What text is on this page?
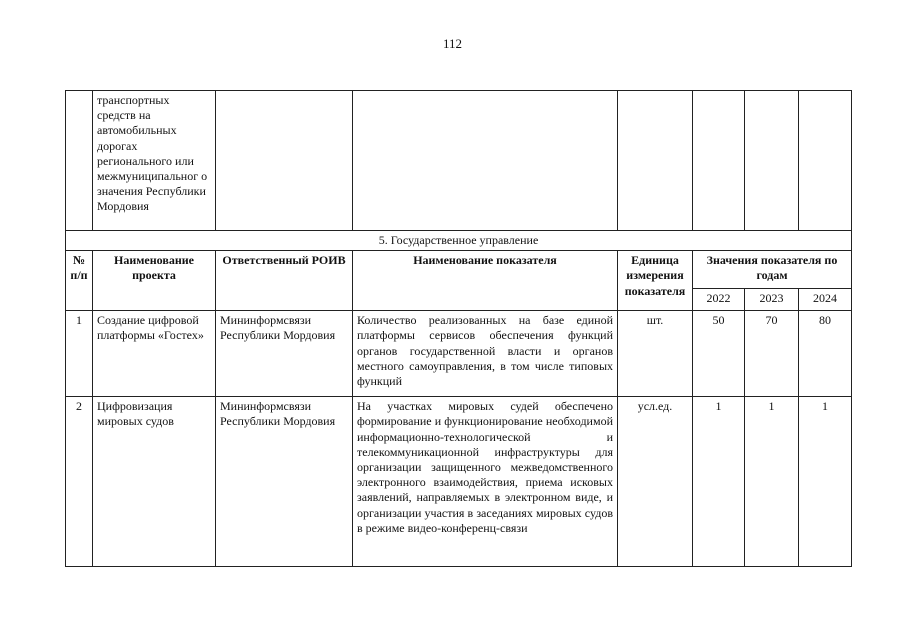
112
	транспортных средств на автомобильных дорогах регионального или межмуниципальног о значения Республики Мордовия						
5. Государственное управление							
№ п/п	Наименование проекта	Ответственный РОИВ	Наименование показателя	Единица измерения показателя	Значения показателя по годам		
					2022	2023	2024
1	Создание цифровой платформы «Гостех»	Мининформсвязи Республики Мордовия	Количество реализованных на базе единой платформы сервисов обеспечения функций органов государственной власти и органов местного самоуправления, в том числе типовых функций	шт.	50	70	80
2	Цифровизация мировых судов	Мининформсвязи Республики Мордовия	На участках мировых судей обеспечено формирование и функционирование необходимой информационно-технологической и телекоммуникационной инфраструктуры для организации защищенного межведомственного электронного взаимодействия, приема исковых заявлений, направляемых в электронном виде, и организации участия в заседаниях мировых судов в режиме видео-конференц-связи	усл.ед.	1	1	1
